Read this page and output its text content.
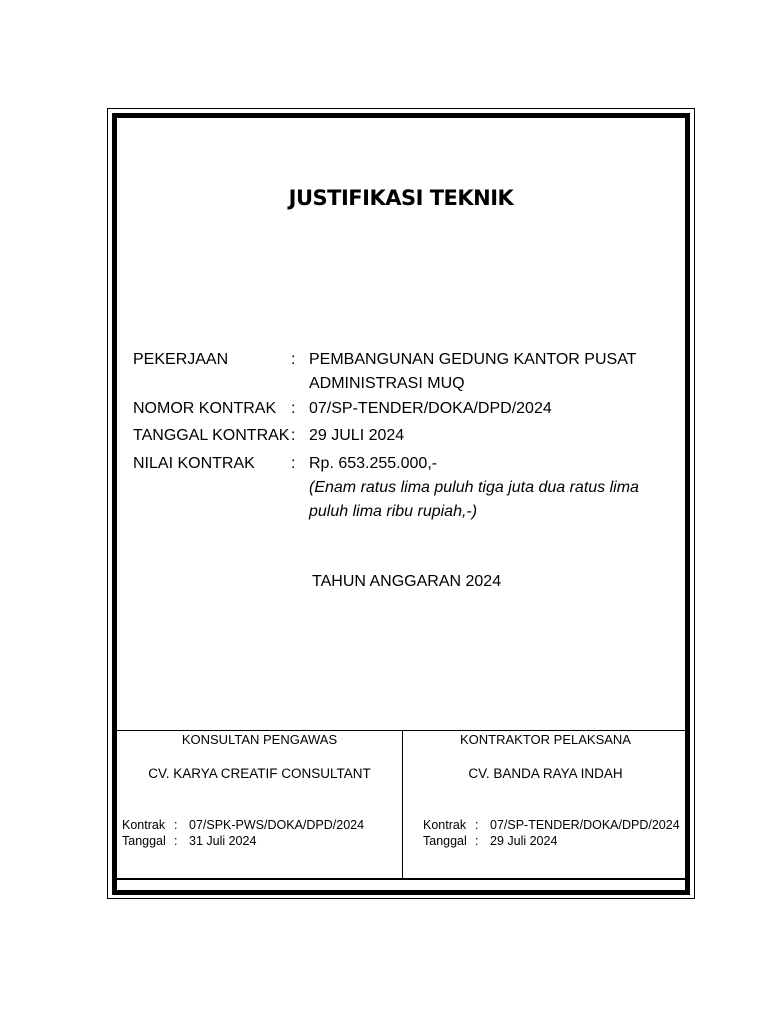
JUSTIFIKASI TEKNIK
PEKERJAAN	: PEMBANGUNAN GEDUNG KANTOR PUSAT
ADMINISTRASI MUQ
NOMOR KONTRAK : 07/SP-TENDER/DOKA/DPD/2024
TANGGAL KONTRAK : 29 JULI 2024
NILAI KONTRAK : Rp. 653.255.000,-
(Enam ratus lima puluh tiga juta dua ratus lima
puluh lima ribu rupiah,-)
TAHUN ANGGARAN 2024
KONSULTAN PENGAWAS
CV. KARYA CREATIF CONSULTANT
Kontrak : 07/SPK-PWS/DOKA/DPD/2024
Tanggal : 31 Juli 2024
KONTRAKTOR PELAKSANA
CV. BANDA RAYA INDAH
Kontrak : 07/SP-TENDER/DOKA/DPD/2024
Tanggal : 29 Juli 2024
